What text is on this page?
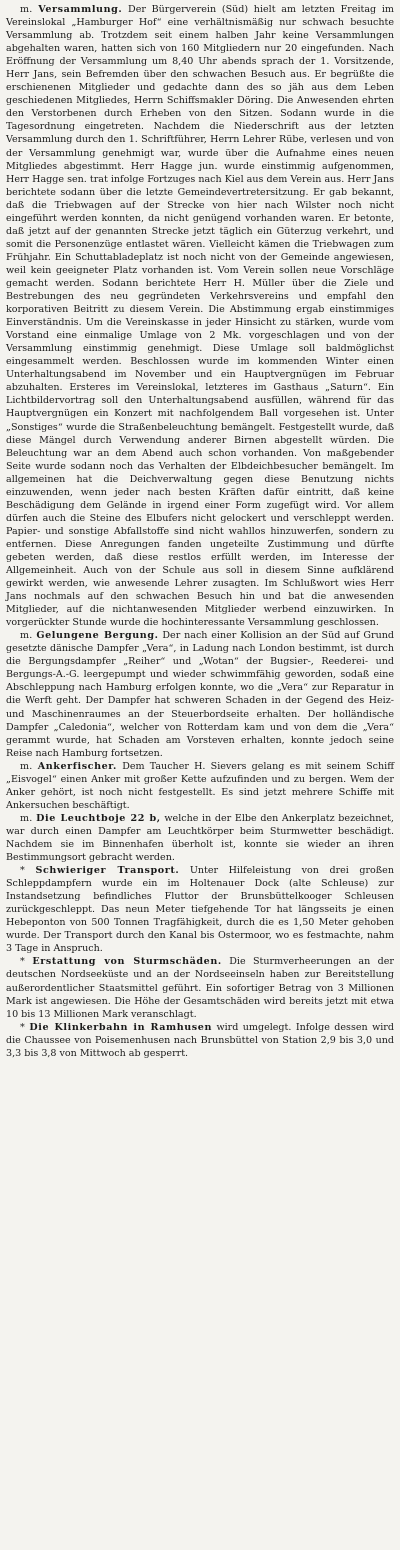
m. Versammlung. Der Bürgerverein (Süd) hielt am letzten Freitag im Vereinslokal „Hamburger Hof“ eine verhältnismäßig nur schwach besuchte Versammlung ab. Trotzdem seit einem halben Jahr keine Versammlungen abgehalten waren, hatten sich von 160 Mitgliedern nur 20 eingefunden. Nach Eröffnung der Versammlung um 8,40 Uhr abends sprach der 1. Vorsitzende, Herr Jans, sein Befremden über den schwachen Besuch aus. Er begrüßte die erschienenen Mitglieder und gedachte dann des so jäh aus dem Leben geschiedenen Mitgliedes, Herrn Schiffsmakler Döring. Die Anwesenden ehrten den Verstorbenen durch Erheben von den Sitzen. Sodann wurde in die Tagesordnung eingetreten. Nachdem die Niederschrift aus der letzten Versammlung durch den 1. Schriftführer, Herrn Lehrer Rübe, verlesen und von der Versammlung genehmigt war, wurde über die Aufnahme eines neuen Mitgliedes abgestimmt. Herr Hagge jun. wurde einstimmig aufgenommen, Herr Hagge sen. trat infolge Fortzuges nach Kiel aus dem Verein aus. Herr Jans berichtete sodann über die letzte Gemeindevertretersitzung. Er gab bekannt, daß die Triebwagen auf der Strecke von hier nach Wilster noch nicht eingeführt werden konnten, da nicht genügend vorhanden waren. Er betonte, daß jetzt auf der genannten Strecke jetzt täglich ein Güterzug verkehrt, und somit die Personenzüge entlastet wären. Vielleicht kämen die Triebwagen zum Frühjahr. Ein Schuttabladeplatz ist noch nicht von der Gemeinde angewiesen, weil kein geeigneter Platz vorhanden ist. Vom Verein sollen neue Vorschläge gemacht werden. Sodann berichtete Herr H. Müller über die Ziele und Bestrebungen des neu gegründeten Verkehrsvereins und empfahl den korporativen Beitritt zu diesem Verein. Die Abstimmung ergab einstimmiges Einverständnis. Um die Vereinskasse in jeder Hinsicht zu stärken, wurde vom Vorstand eine einmalige Umlage von 2 Mk. vorgeschlagen und von der Versammlung einstimmig genehmigt. Diese Umlage soll baldmöglichst eingesammelt werden. Beschlossen wurde im kommenden Winter einen Unterhaltungsabend im November und ein Hauptvergnügen im Februar abzuhalten. Ersteres im Vereinslokal, letzteres im Gasthaus „Saturn“. Ein Lichtbildervortrag soll den Unterhaltungsabend ausfüllen, während für das Hauptvergnügen ein Konzert mit nachfolgendem Ball vorgesehen ist. Unter „Sonstiges“ wurde die Straßenbeleuchtung bemängelt. Festgestellt wurde, daß diese Mängel durch Verwendung anderer Birnen abgestellt würden. Die Beleuchtung war an dem Abend auch schon vorhanden. Von maßgebender Seite wurde sodann noch das Verhalten der Elbdeichbesucher bemängelt. Im allgemeinen hat die Deichverwaltung gegen diese Benutzung nichts einzuwenden, wenn jeder nach besten Kräften dafür eintritt, daß keine Beschädigung dem Gelände in irgend einer Form zugefügt wird. Vor allem dürfen auch die Steine des Elbufers nicht gelockert und verschleppt werden. Papier- und sonstige Abfallstoffe sind nicht wahllos hinzuwerfen, sondern zu entfernen. Diese Anregungen fanden ungeteilte Zustimmung und dürfte gebeten werden, daß diese restlos erfüllt werden, im Interesse der Allgemeinheit. Auch von der Schule aus soll in diesem Sinne aufklärend gewirkt werden, wie anwesende Lehrer zusagten. Im Schlußwort wies Herr Jans nochmals auf den schwachen Besuch hin und bat die anwesenden Mitglieder, auf die nichtanwesenden Mitglieder werbend einzuwirken. In vorgerückter Stunde wurde die hochinteressante Versammlung geschlossen.

m. Gelungene Bergung. Der nach einer Kollision an der Süd auf Grund gesetzte dänische Dampfer „Vera“, in Ladung nach London bestimmt, ist durch die Bergungsdampfer „Reiher“ und „Wotan“ der Bugsier-, Reederei- und Bergungs-A.-G. leergepumpt und wieder schwimmfähig geworden, sodaß eine Abschleppung nach Hamburg erfolgen konnte, wo die „Vera“ zur Reparatur in die Werft geht. Der Dampfer hat schweren Schaden in der Gegend des Heiz- und Maschinenraumes an der Steuerbordseite erhalten. Der holländische Dampfer „Caledonia“, welcher von Rotterdam kam und von dem die „Vera“ gerammt wurde, hat Schaden am Vorsteven erhalten, konnte jedoch seine Reise nach Hamburg fortsetzen.

m. Ankerfischer. Dem Taucher H. Sievers gelang es mit seinem Schiff „Eisvogel“ einen Anker mit großer Kette aufzufinden und zu bergen. Wem der Anker gehört, ist noch nicht festgestellt. Es sind jetzt mehrere Schiffe mit Ankersuchen beschäftigt.

m. Die Leuchtboje 22 b, welche in der Elbe den Ankerplatz bezeichnet, war durch einen Dampfer am Leuchtkörper beim Sturmwetter beschädigt. Nachdem sie im Binnenhafen überholt ist, konnte sie wieder an ihren Bestimmungsort gebracht werden.

* Schwieriger Transport. Unter Hilfeleistung von drei großen Schleppdampfern wurde ein im Holtenauer Dock (alte Schleuse) zur Instandsetzung befindliches Fluttor der Brunsbüttelkooger Schleusen zurückgeschleppt. Das neun Meter tiefgehende Tor hat längsseits je einen Hebeponton von 500 Tonnen Tragfähigkeit, durch die es 1,50 Meter gehoben wurde. Der Transport durch den Kanal bis Ostermoor, wo es festmachte, nahm 3 Tage in Anspruch.

* Erstattung von Sturmschäden. Die Sturmverheerungen an der deutschen Nordseeküste und an der Nordseeinseln haben zur Bereitstellung außerordentlicher Staatsmittel geführt. Ein sofortiger Betrag von 3 Millionen Mark ist angewiesen. Die Höhe der Gesamtschäden wird bereits jetzt mit etwa 10 bis 13 Millionen Mark veranschlagt.

* Die Klinkerbahn in Ramhusen wird umgelegt. Infolge dessen wird die Chaussee von Poisemenhusen nach Brunsbüttel von Station 2,9 bis 3,0 und 3,3 bis 3,8 von Mittwoch ab gesperrt.
